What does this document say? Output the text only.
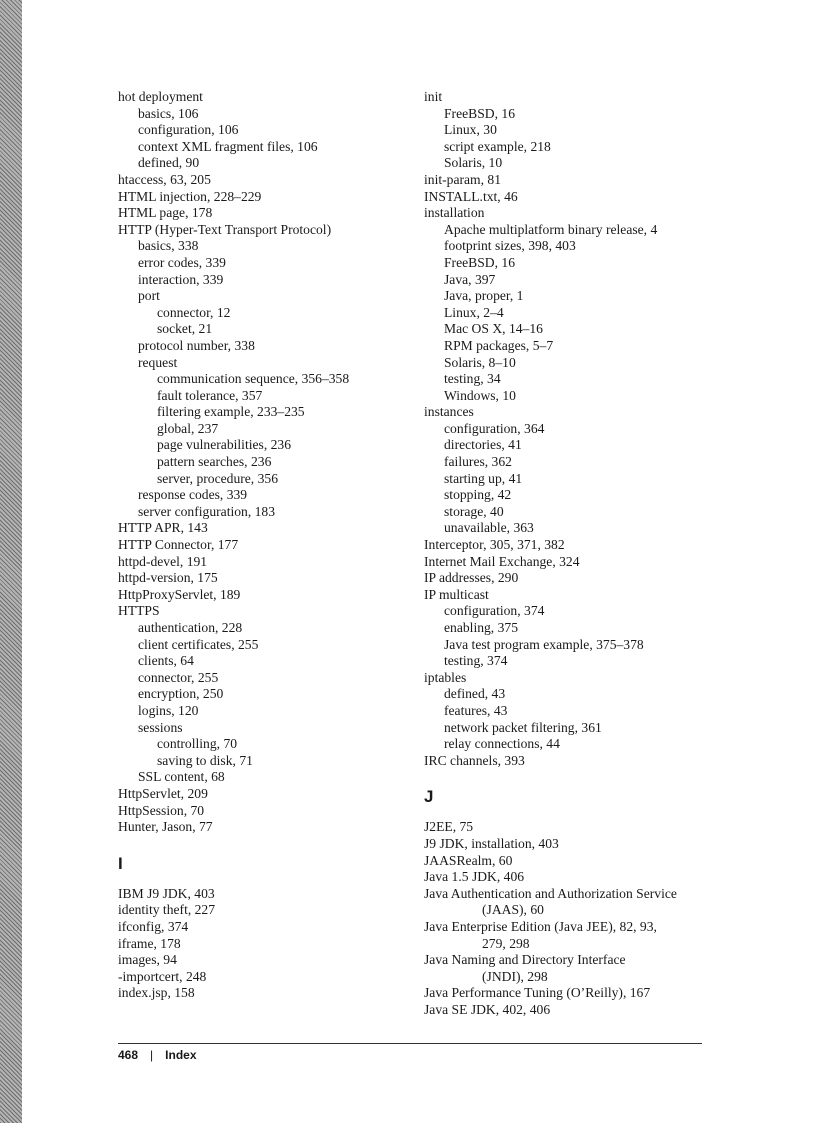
hot deployment
basics, 106
configuration, 106
context XML fragment files, 106
defined, 90
htaccess, 63, 205
HTML injection, 228–229
HTML page, 178
HTTP (Hyper-Text Transport Protocol)
basics, 338
error codes, 339
interaction, 339
port
connector, 12
socket, 21
protocol number, 338
request
communication sequence, 356–358
fault tolerance, 357
filtering example, 233–235
global, 237
page vulnerabilities, 236
pattern searches, 236
server, procedure, 356
response codes, 339
server configuration, 183
HTTP APR, 143
HTTP Connector, 177
httpd-devel, 191
httpd-version, 175
HttpProxyServlet, 189
HTTPS
authentication, 228
client certificates, 255
clients, 64
connector, 255
encryption, 250
logins, 120
sessions
controlling, 70
saving to disk, 71
SSL content, 68
HttpServlet, 209
HttpSession, 70
Hunter, Jason, 77
I
IBM J9 JDK, 403
identity theft, 227
ifconfig, 374
iframe, 178
images, 94
-importcert, 248
index.jsp, 158
init
FreeBSD, 16
Linux, 30
script example, 218
Solaris, 10
init-param, 81
INSTALL.txt, 46
installation
Apache multiplatform binary release, 4
footprint sizes, 398, 403
FreeBSD, 16
Java, 397
Java, proper, 1
Linux, 2–4
Mac OS X, 14–16
RPM packages, 5–7
Solaris, 8–10
testing, 34
Windows, 10
instances
configuration, 364
directories, 41
failures, 362
starting up, 41
stopping, 42
storage, 40
unavailable, 363
Interceptor, 305, 371, 382
Internet Mail Exchange, 324
IP addresses, 290
IP multicast
configuration, 374
enabling, 375
Java test program example, 375–378
testing, 374
iptables
defined, 43
features, 43
network packet filtering, 361
relay connections, 44
IRC channels, 393
J
J2EE, 75
J9 JDK, installation, 403
JAASRealm, 60
Java 1.5 JDK, 406
Java Authentication and Authorization Service
(JAAS), 60
Java Enterprise Edition (Java JEE), 82, 93,
279, 298
Java Naming and Directory Interface
(JNDI), 298
Java Performance Tuning (O’Reilly), 167
Java SE JDK, 402, 406
468 | Index
